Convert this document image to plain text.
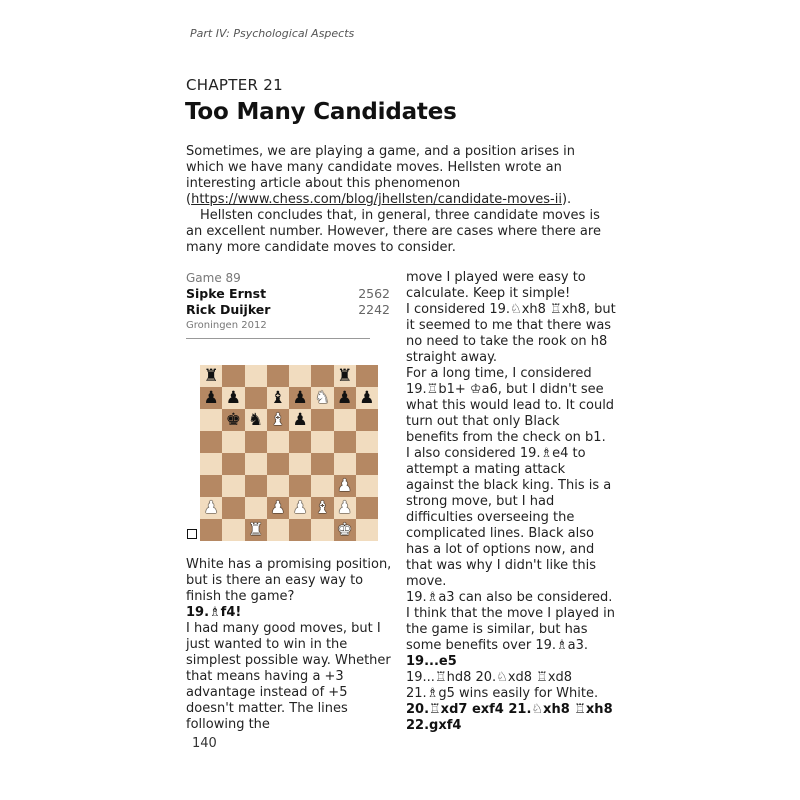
Part IV: Psychological Aspects
CHAPTER 21
Too Many Candidates

Sometimes, we are playing a game, and a position arises in which we have many candidate moves. Hellsten wrote an interesting article about this phenomenon (https://www.chess.com/blog/jhellsten/candidate-moves-ii).

Hellsten concludes that, in general, three candidate moves is an excellent number. However, there are cases where there are many more candidate moves to consider.

Game 89
Sipke Ernst	2562
Rick Duijker	2242
Groningen 2012
♜	♜
♟ ♟ ♝ ♟ ♞ ♟ ♟
♚ ♞ ♝ ♟
♟
♟	♟ ♟ ♝ ♟
♜	♚

White has a promising position, but is there an easy way to finish the game?

19.♗f4!

I had many good moves, but I just wanted to win in the simplest possible way. Whether that means having a +3 advantage instead of +5 doesn't matter. The lines following the

move I played were easy to calculate. Keep it simple!

I considered 19.♘xh8 ♖xh8, but it seemed to me that there was no need to take the rook on h8 straight away.

For a long time, I considered 19.♖b1+ ♔a6, but I didn't see what this would lead to. It could turn out that only Black benefits from the check on b1.

I also considered 19.♗e4 to attempt a mating attack against the black king. This is a strong move, but I had difficulties overseeing the complicated lines. Black also has a lot of options now, and that was why I didn't like this move.

19.♗a3 can also be considered. I think that the move I played in the game is similar, but has some benefits over 19.♗a3.

19...e5

19...♖hd8 20.♘xd8 ♖xd8 21.♗g5 wins easily for White.

20.♖xd7 exf4 21.♘xh8 ♖xh8 22.gxf4

140
